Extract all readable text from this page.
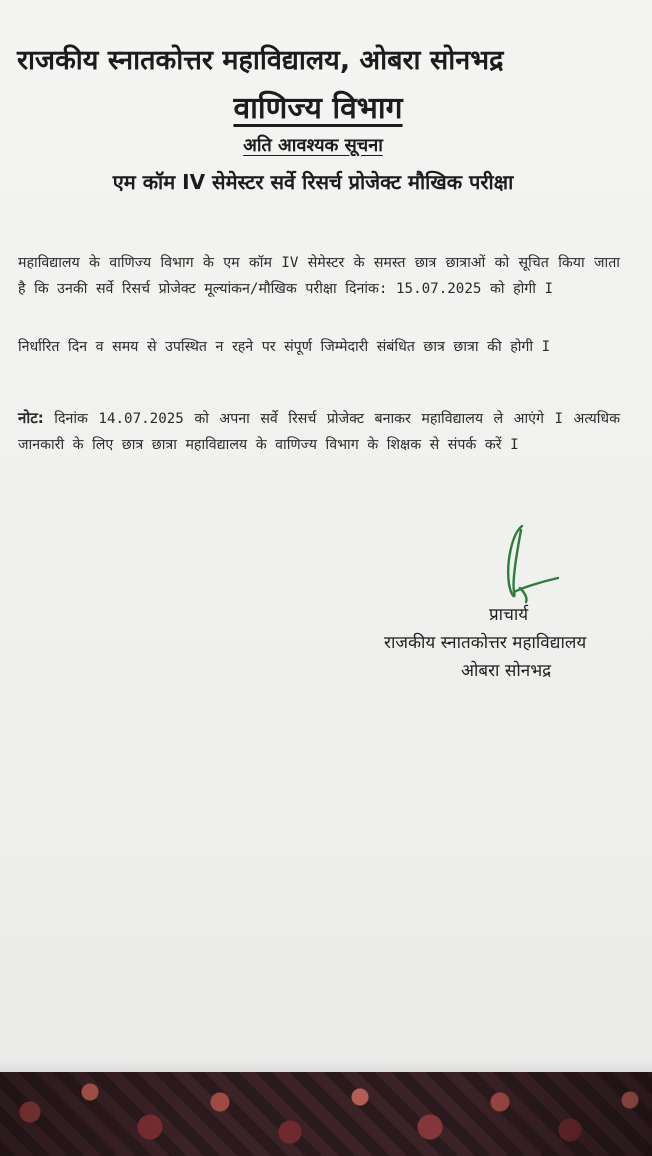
राजकीय स्नातकोत्तर महाविद्यालय, ओबरा सोनभद्र
वाणिज्य विभाग
अति आवश्यक सूचना
एम कॉम IV सेमेस्टर सर्वे रिसर्च प्रोजेक्ट मौखिक परीक्षा
महाविद्यालय के वाणिज्य विभाग के एम कॉम IV सेमेस्टर के समस्त छात्र छात्राओं को सूचित किया जाता है कि उनकी सर्वे रिसर्च प्रोजेक्ट मूल्यांकन/मौखिक परीक्षा दिनांक: 15.07.2025 को होगी I
निर्धारित दिन व समय से उपस्थित न रहने पर संपूर्ण जिम्मेदारी संबंधित छात्र छात्रा की होगी I
नोट: दिनांक 14.07.2025 को अपना सर्वे रिसर्च प्रोजेक्ट बनाकर महाविद्यालय ले आएंगे I अत्यधिक जानकारी के लिए छात्र छात्रा महाविद्यालय के वाणिज्य विभाग के शिक्षक से संपर्क करें I
प्राचार्य
राजकीय स्नातकोत्तर महाविद्यालय
ओबरा सोनभद्र
